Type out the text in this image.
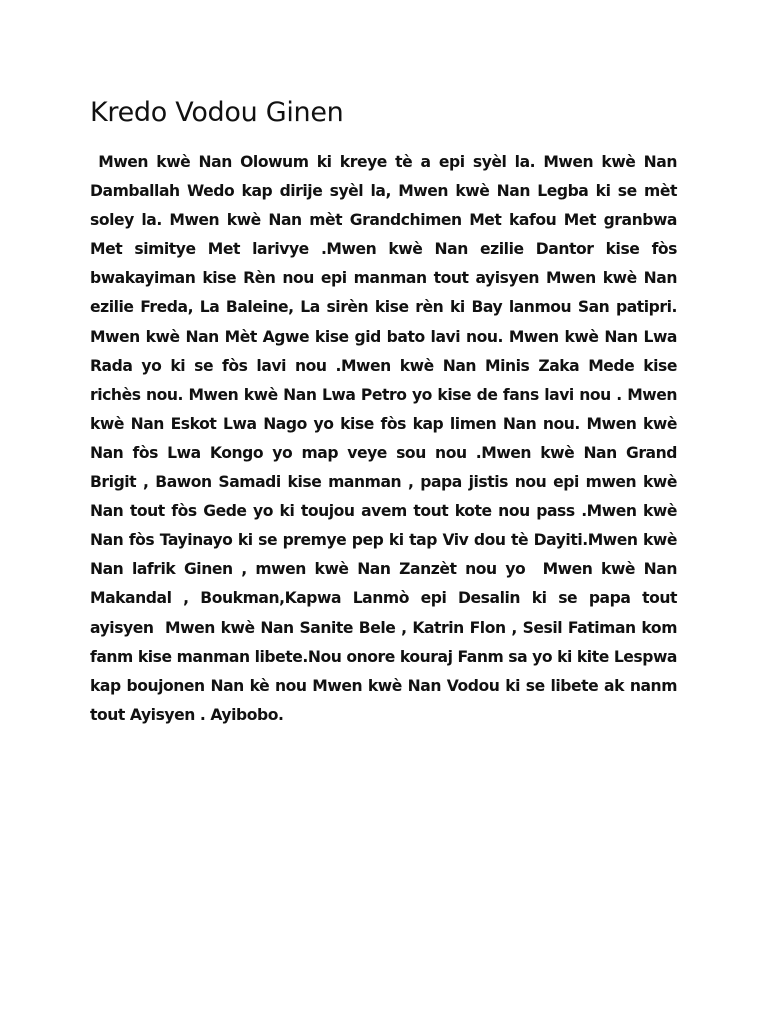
Kredo Vodou Ginen

Mwen kwè Nan Olowum ki kreye tè a epi syèl la. Mwen kwè Nan Damballah Wedo kap dirije syèl la, Mwen kwè Nan Legba ki se mèt soley la. Mwen kwè Nan mèt Grandchimen Met kafou Met granbwa Met simitye Met larivye .Mwen kwè Nan ezilie Dantor kise fòs bwakayiman kise Rèn nou epi manman tout ayisyen Mwen kwè Nan ezilie Freda, La Baleine, La sirèn kise rèn ki Bay lanmou San patipri. Mwen kwè Nan Mèt Agwe kise gid bato lavi nou. Mwen kwè Nan Lwa Rada yo ki se fòs lavi nou .Mwen kwè Nan Minis Zaka Mede kise richès nou. Mwen kwè Nan Lwa Petro yo kise de fans lavi nou . Mwen kwè Nan Eskot Lwa Nago yo kise fòs kap limen Nan nou. Mwen kwè Nan fòs Lwa Kongo yo map veye sou nou .Mwen kwè Nan Grand Brigit , Bawon Samadi kise manman , papa jistis nou epi mwen kwè Nan tout fòs Gede yo ki toujou avem tout kote nou pass .Mwen kwè Nan fòs Tayinayo ki se premye pep ki tap Viv dou tè Dayiti.Mwen kwè Nan lafrik Ginen , mwen kwè Nan Zanzèt nou yo  Mwen kwè Nan Makandal , Boukman,Kapwa Lanmò epi Desalin ki se papa tout ayisyen  Mwen kwè Nan Sanite Bele , Katrin Flon , Sesil Fatiman kom fanm kise manman libete.Nou onore kouraj Fanm sa yo ki kite Lespwa kap boujonen Nan kè nou Mwen kwè Nan Vodou ki se libete ak nanm tout Ayisyen . Ayibobo.
